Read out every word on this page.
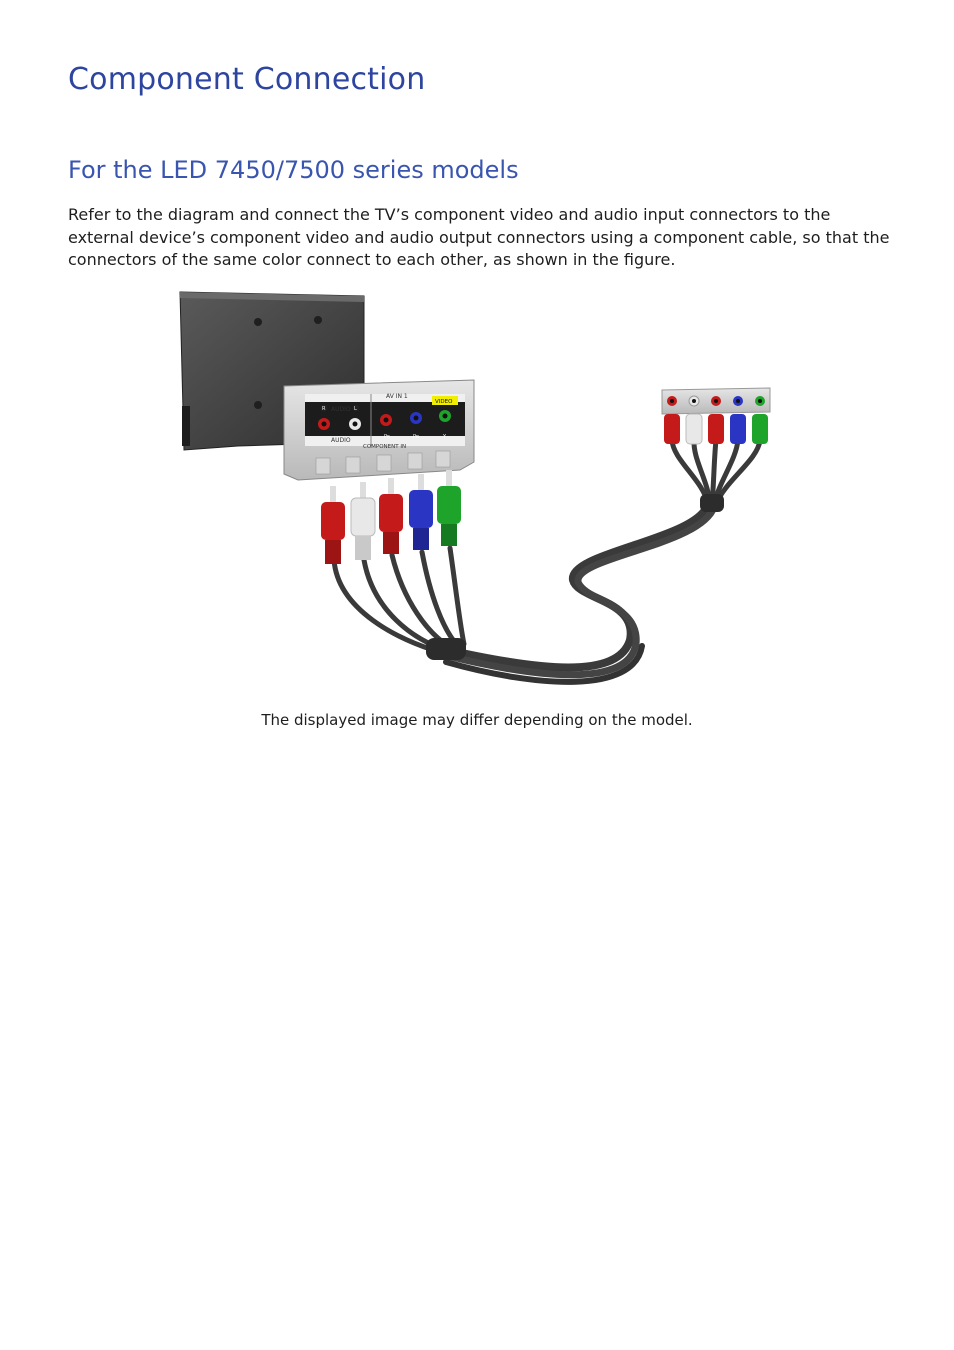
Component Connection
For the LED 7450/7500 series models

Refer to the diagram and connect the TV’s component video and audio input connectors to the external device’s component video and audio output connectors using a component cable, so that the connectors of the same color connect to each other, as shown in the figure.

AV IN 1
VIDEO
AUDIO
AUDIO
COMPONENT IN
R	L
Pʀ	Pʙ	Y
The displayed image may differ depending on the model.
